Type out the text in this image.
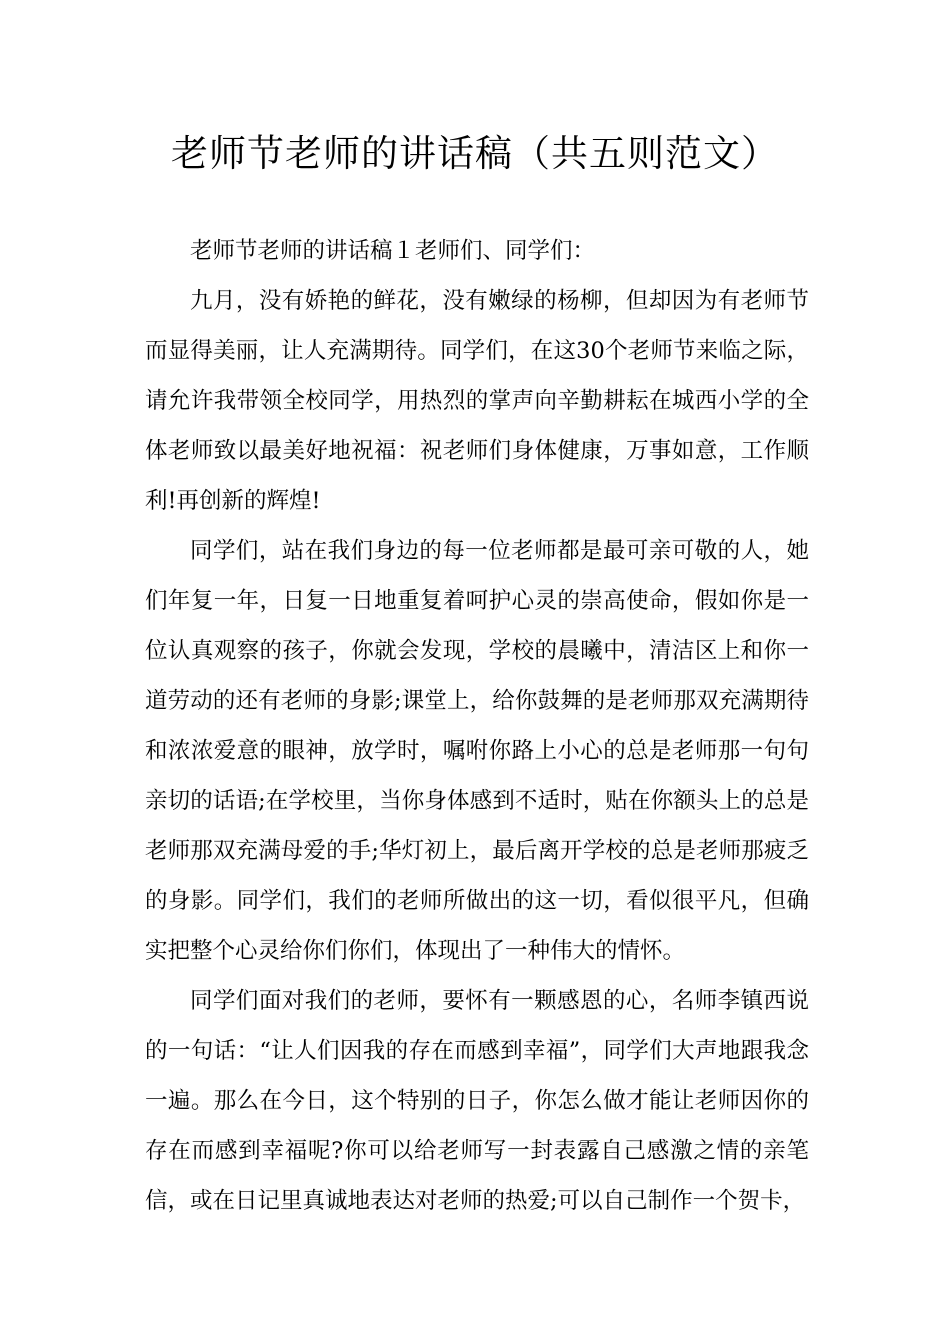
老师节老师的讲话稿（共五则范文）

老师节老师的讲话稿１老师们、同学们：

九月，没有娇艳的鲜花，没有嫩绿的杨柳，但却因为有老师节而显得美丽，让人充满期待。同学们，在这30个老师节来临之际，请允许我带领全校同学，用热烈的掌声向辛勤耕耘在城西小学的全体老师致以最美好地祝福：祝老师们身体健康，万事如意，工作顺利!再创新的辉煌!

同学们，站在我们身边的每一位老师都是最可亲可敬的人，她们年复一年，日复一日地重复着呵护心灵的崇高使命，假如你是一位认真观察的孩子，你就会发现，学校的晨曦中，清洁区上和你一道劳动的还有老师的身影;课堂上，给你鼓舞的是老师那双充满期待和浓浓爱意的眼神，放学时，嘱咐你路上小心的总是老师那一句句亲切的话语;在学校里，当你身体感到不适时，贴在你额头上的总是老师那双充满母爱的手;华灯初上，最后离开学校的总是老师那疲乏的身影。同学们，我们的老师所做出的这一切，看似很平凡，但确实把整个心灵给你们你们，体现出了一种伟大的情怀。

同学们面对我们的老师，要怀有一颗感恩的心，名师李镇西说的一句话：“让人们因我的存在而感到幸福”，同学们大声地跟我念一遍。那么在今日，这个特别的日子，你怎么做才能让老师因你的存在而感到幸福呢?你可以给老师写一封表露自己感激之情的亲笔信，或在日记里真诚地表达对老师的热爱;可以自己制作一个贺卡，
